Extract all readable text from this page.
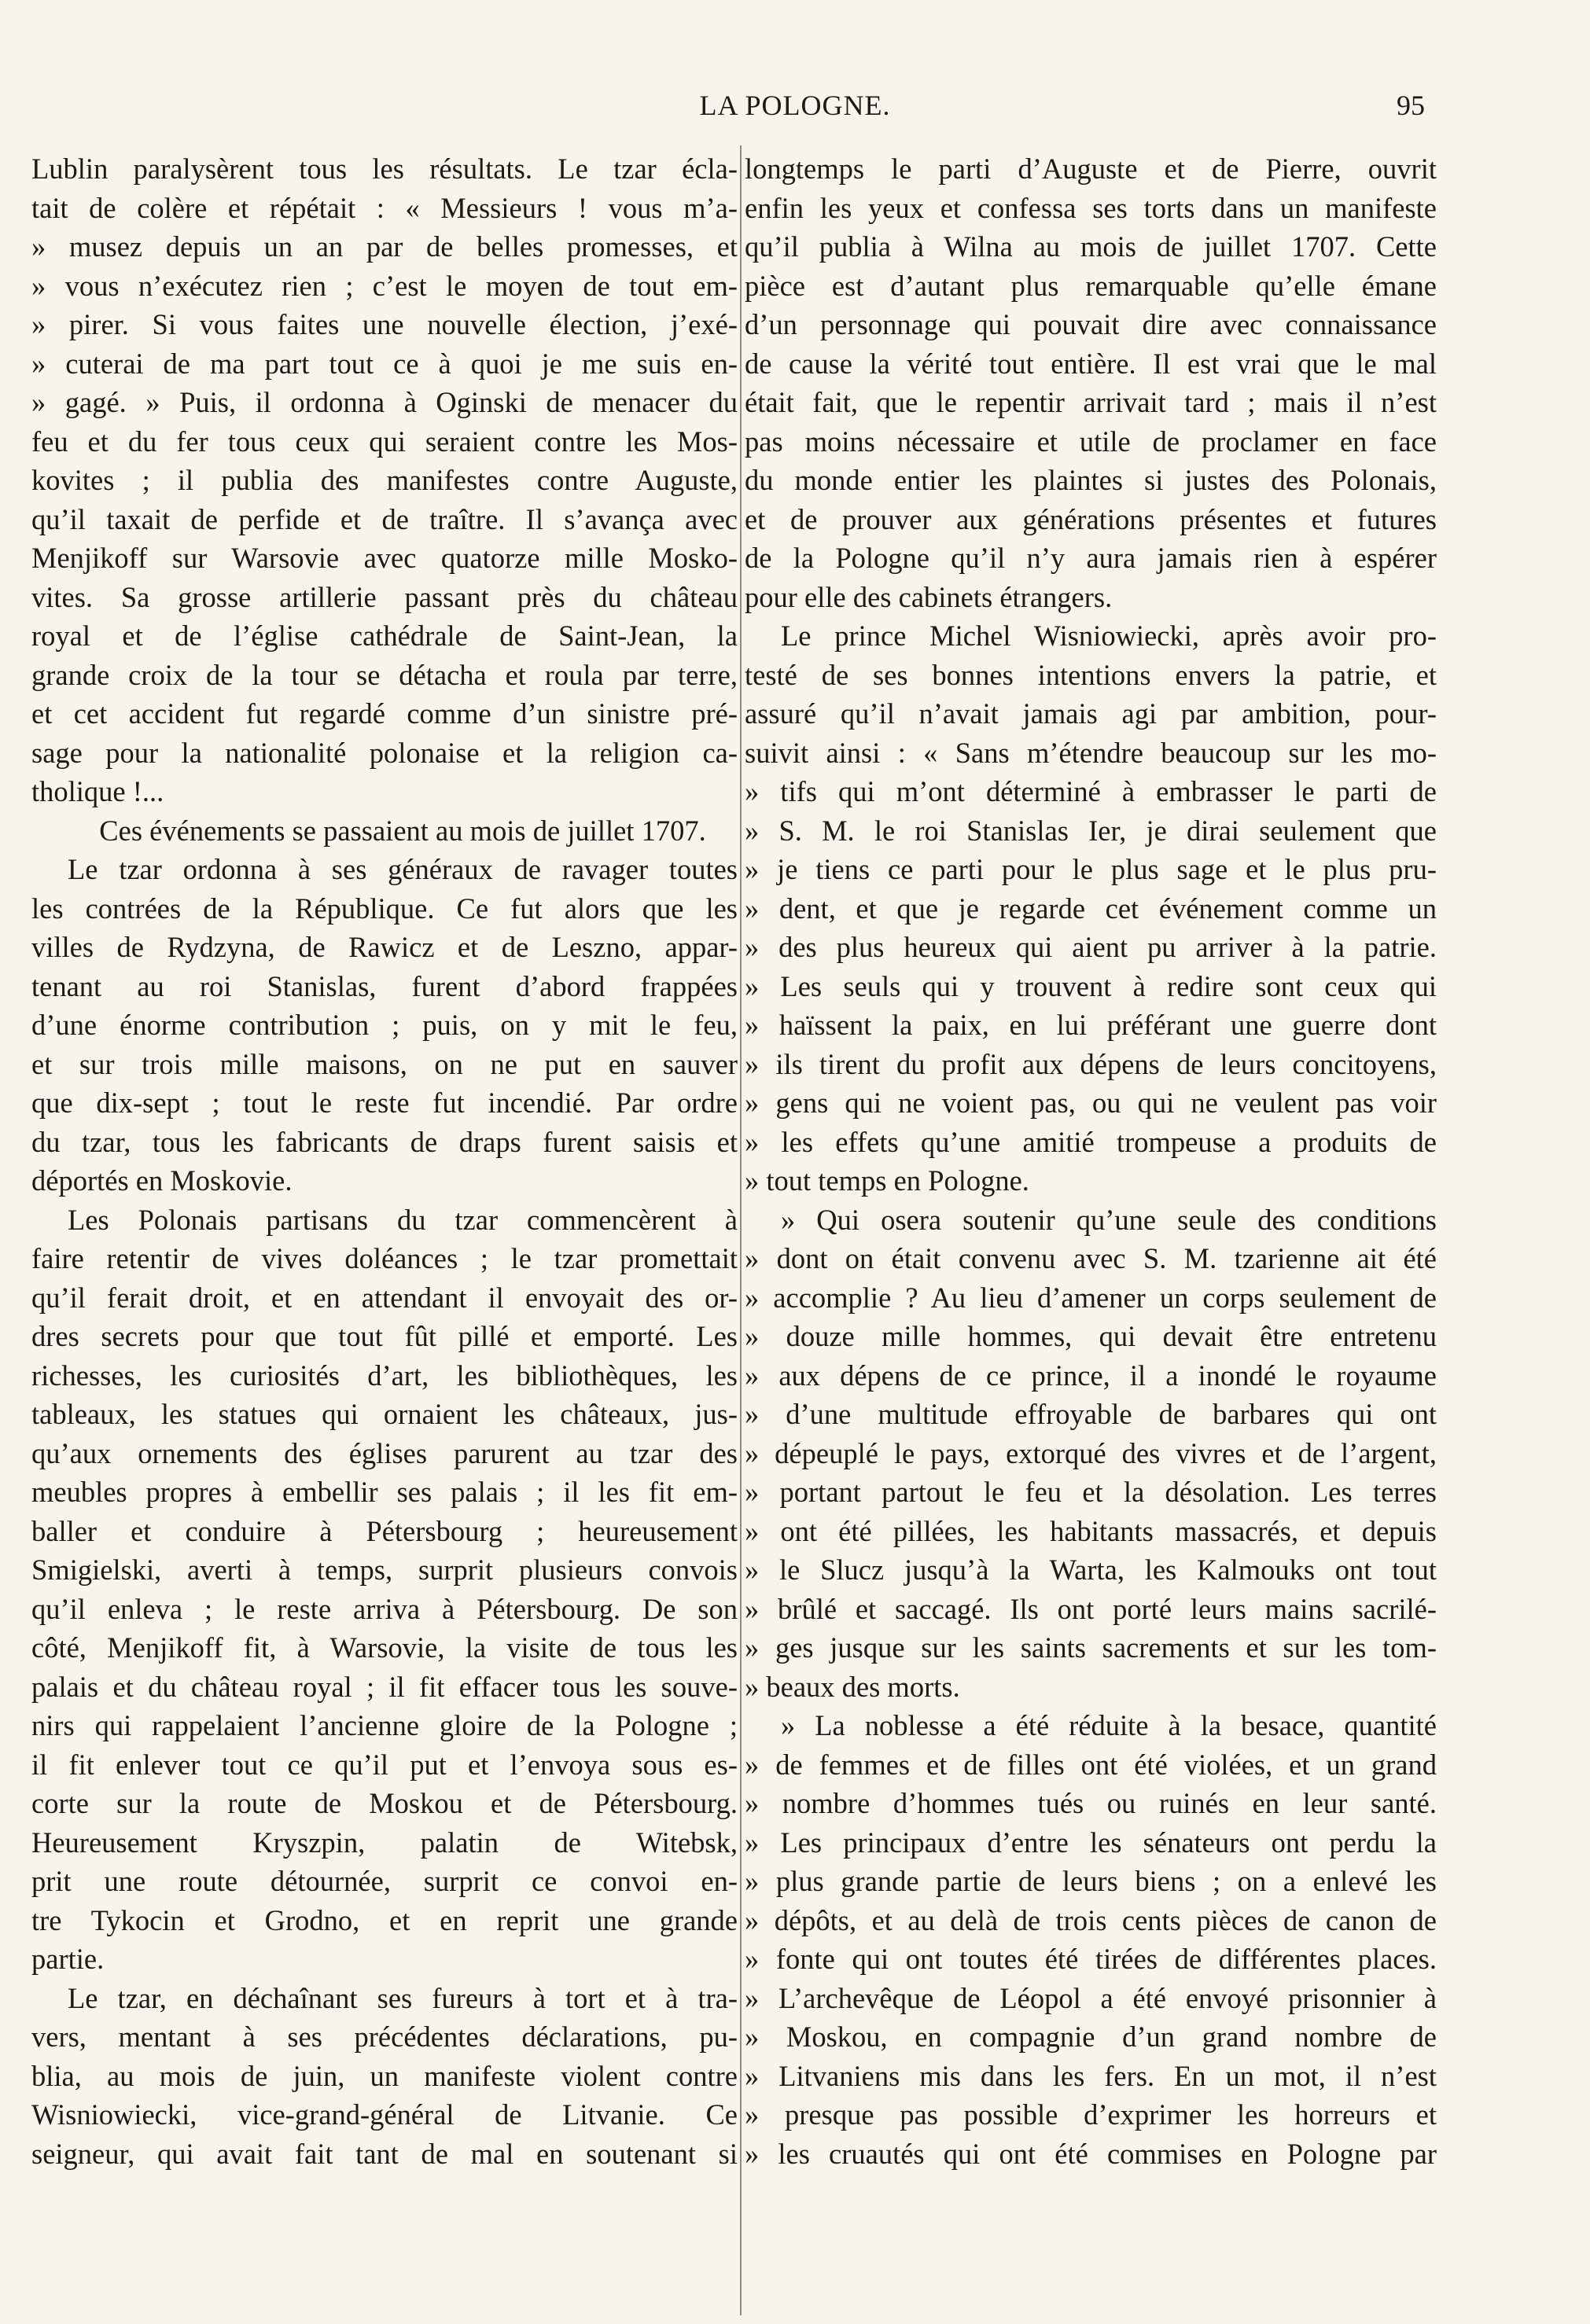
LA POLOGNE.	95
Lublin paralysèrent tous les résultats. Le tzar écla-
tait de colère et répétait : « Messieurs ! vous m’a-
» musez depuis un an par de belles promesses, et
» vous n’exécutez rien ; c’est le moyen de tout em-
» pirer. Si vous faites une nouvelle élection, j’exé-
» cuterai de ma part tout ce à quoi je me suis en-
» gagé. » Puis, il ordonna à Oginski de menacer du
feu et du fer tous ceux qui seraient contre les Mos-
kovites ; il publia des manifestes contre Auguste,
qu’il taxait de perfide et de traître. Il s’avança avec
Menjikoff sur Warsovie avec quatorze mille Mosko-
vites. Sa grosse artillerie passant près du château
royal et de l’église cathédrale de Saint-Jean, la
grande croix de la tour se détacha et roula par terre,
et cet accident fut regardé comme d’un sinistre pré-
sage pour la nationalité polonaise et la religion ca-
tholique !...
Ces événements se passaient au mois de juillet 1707.
Le tzar ordonna à ses généraux de ravager toutes
les contrées de la République. Ce fut alors que les
villes de Rydzyna, de Rawicz et de Leszno, appar-
tenant au roi Stanislas, furent d’abord frappées
d’une énorme contribution ; puis, on y mit le feu,
et sur trois mille maisons, on ne put en sauver
que dix-sept ; tout le reste fut incendié. Par ordre
du tzar, tous les fabricants de draps furent saisis et
déportés en Moskovie.
Les Polonais partisans du tzar commencèrent à
faire retentir de vives doléances ; le tzar promettait
qu’il ferait droit, et en attendant il envoyait des or-
dres secrets pour que tout fût pillé et emporté. Les
richesses, les curiosités d’art, les bibliothèques, les
tableaux, les statues qui ornaient les châteaux, jus-
qu’aux ornements des églises parurent au tzar des
meubles propres à embellir ses palais ; il les fit em-
baller et conduire à Pétersbourg ; heureusement
Smigielski, averti à temps, surprit plusieurs convois
qu’il enleva ; le reste arriva à Pétersbourg. De son
côté, Menjikoff fit, à Warsovie, la visite de tous les
palais et du château royal ; il fit effacer tous les souve-
nirs qui rappelaient l’ancienne gloire de la Pologne ;
il fit enlever tout ce qu’il put et l’envoya sous es-
corte sur la route de Moskou et de Pétersbourg.
Heureusement Kryszpin, palatin de Witebsk,
prit une route détournée, surprit ce convoi en-
tre Tykocin et Grodno, et en reprit une grande
partie.
Le tzar, en déchaînant ses fureurs à tort et à tra-
vers, mentant à ses précédentes déclarations, pu-
blia, au mois de juin, un manifeste violent contre
Wisniowiecki, vice-grand-général de Litvanie. Ce
seigneur, qui avait fait tant de mal en soutenant si
longtemps le parti d’Auguste et de Pierre, ouvrit
enfin les yeux et confessa ses torts dans un manifeste
qu’il publia à Wilna au mois de juillet 1707. Cette
pièce est d’autant plus remarquable qu’elle émane
d’un personnage qui pouvait dire avec connaissance
de cause la vérité tout entière. Il est vrai que le mal
était fait, que le repentir arrivait tard ; mais il n’est
pas moins nécessaire et utile de proclamer en face
du monde entier les plaintes si justes des Polonais,
et de prouver aux générations présentes et futures
de la Pologne qu’il n’y aura jamais rien à espérer
pour elle des cabinets étrangers.
Le prince Michel Wisniowiecki, après avoir pro-
testé de ses bonnes intentions envers la patrie, et
assuré qu’il n’avait jamais agi par ambition, pour-
suivit ainsi : « Sans m’étendre beaucoup sur les mo-
» tifs qui m’ont déterminé à embrasser le parti de
» S. M. le roi Stanislas Ier, je dirai seulement que
» je tiens ce parti pour le plus sage et le plus pru-
» dent, et que je regarde cet événement comme un
» des plus heureux qui aient pu arriver à la patrie.
» Les seuls qui y trouvent à redire sont ceux qui
» haïssent la paix, en lui préférant une guerre dont
» ils tirent du profit aux dépens de leurs concitoyens,
» gens qui ne voient pas, ou qui ne veulent pas voir
» les effets qu’une amitié trompeuse a produits de
» tout temps en Pologne.
» Qui osera soutenir qu’une seule des conditions
» dont on était convenu avec S. M. tzarienne ait été
» accomplie ? Au lieu d’amener un corps seulement de
» douze mille hommes, qui devait être entretenu
» aux dépens de ce prince, il a inondé le royaume
» d’une multitude effroyable de barbares qui ont
» dépeuplé le pays, extorqué des vivres et de l’argent,
» portant partout le feu et la désolation. Les terres
» ont été pillées, les habitants massacrés, et depuis
» le Slucz jusqu’à la Warta, les Kalmouks ont tout
» brûlé et saccagé. Ils ont porté leurs mains sacrilé-
» ges jusque sur les saints sacrements et sur les tom-
» beaux des morts.
» La noblesse a été réduite à la besace, quantité
» de femmes et de filles ont été violées, et un grand
» nombre d’hommes tués ou ruinés en leur santé.
» Les principaux d’entre les sénateurs ont perdu la
» plus grande partie de leurs biens ; on a enlevé les
» dépôts, et au delà de trois cents pièces de canon de
» fonte qui ont toutes été tirées de différentes places.
» L’archevêque de Léopol a été envoyé prisonnier à
» Moskou, en compagnie d’un grand nombre de
» Litvaniens mis dans les fers. En un mot, il n’est
» presque pas possible d’exprimer les horreurs et
» les cruautés qui ont été commises en Pologne par
